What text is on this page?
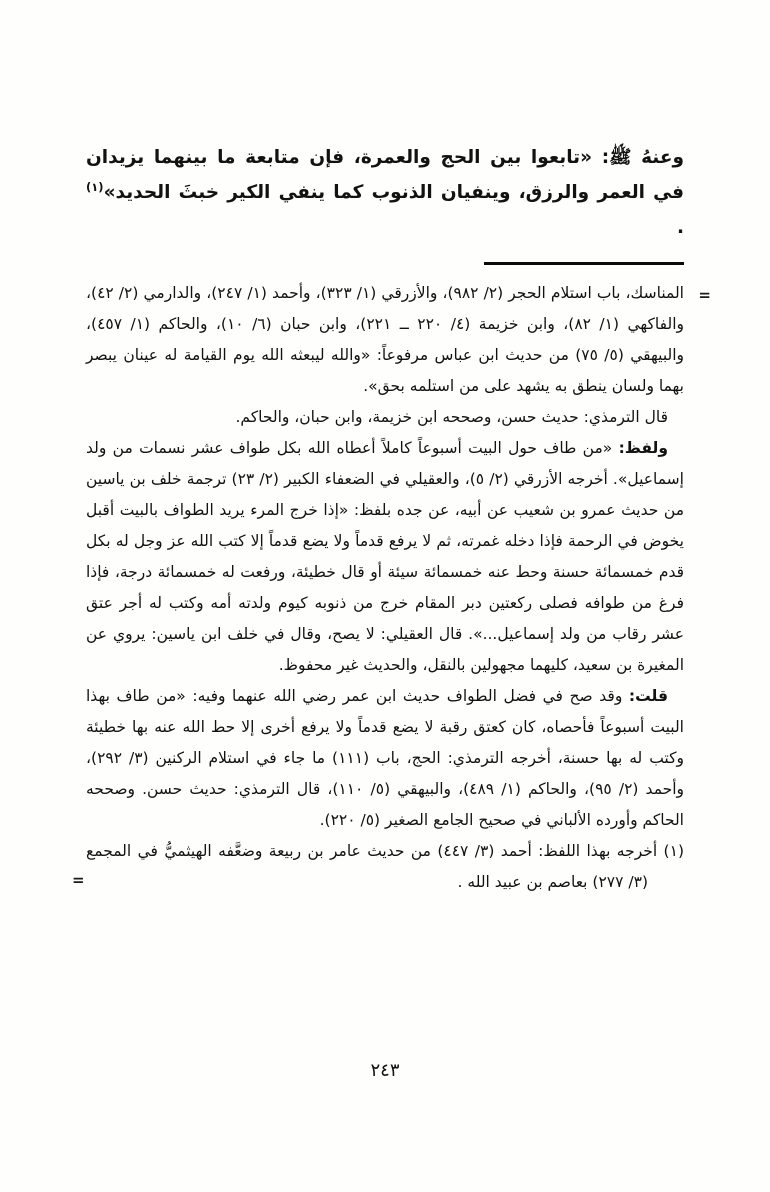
وعنهُ ﷺ: «تابعوا بين الحج والعمرة، فإن متابعة ما بينهما يزيدان في العمر والرزق، وينفيان الذنوب كما ينفي الكير خبثَ الحديد»$^{(١)}$ .

=

المناسك، باب استلام الحجر (٢/ ٩٨٢)، والأزرقي (١/ ٣٢٣)، وأحمد (١/ ٢٤٧)، والدارمي (٢/ ٤٢)، والفاكهي (١/ ٨٢)، وابن خزيمة (٤/ ٢٢٠ ــ ٢٢١)، وابن حبان (٦/ ١٠)، والحاكم (١/ ٤٥٧)، والبيهقي (٥/ ٧٥) من حديث ابن عباس مرفوعاً: «والله ليبعثه الله يوم القيامة له عينان يبصر بهما ولسان ينطق به يشهد على من استلمه بحق».

قال الترمذي: حديث حسن، وصححه ابن خزيمة، وابن حبان، والحاكم.

ولفظ: «من طاف حول البيت أسبوعاً كاملاً أعطاه الله بكل طواف عشر نسمات من ولد إسماعيل». أخرجه الأزرقي (٢/ ٥)، والعقيلي في الضعفاء الكبير (٢/ ٢٣) ترجمة خلف بن ياسين من حديث عمرو بن شعيب عن أبيه، عن جده بلفظ: «إذا خرج المرء يريد الطواف بالبيت أقبل يخوض في الرحمة فإذا دخله غمرته، ثم لا يرفع قدماً ولا يضع قدماً إلا كتب الله عز وجل له بكل قدم خمسمائة حسنة وحط عنه خمسمائة سيئة أو قال خطيئة، ورفعت له خمسمائة درجة، فإذا فرغ من طوافه فصلى ركعتين دبر المقام خرج من ذنوبه كيوم ولدته أمه وكتب له أجر عتق عشر رقاب من ولد إسماعيل...». قال العقيلي: لا يصح، وقال في خلف ابن ياسين: يروي عن المغيرة بن سعيد، كليهما مجهولين بالنقل، والحديث غير محفوظ.

قلت: وقد صح في فضل الطواف حديث ابن عمر رضي الله عنهما وفيه: «من طاف بهذا البيت أسبوعاً فأحصاه، كان كعتق رقبة لا يضع قدماً ولا يرفع أخرى إلا حط الله عنه بها خطيئة وكتب له بها حسنة، أخرجه الترمذي: الحج، باب (١١١) ما جاء في استلام الركنين (٣/ ٢٩٢)، وأحمد (٢/ ٩٥)، والحاكم (١/ ٤٨٩)، والبيهقي (٥/ ١١٠)، قال الترمذي: حديث حسن. وصححه الحاكم وأورده الألباني في صحيح الجامع الصغير (٥/ ٢٢٠).

(١) أخرجه بهذا اللفظ: أحمد (٣/ ٤٤٧) من حديث عامر بن ربيعة وضعَّفه الهيثميُّ في المجمع (٣/ ٢٧٧) بعاصم بن عبيد الله .

=
٢٤٣
